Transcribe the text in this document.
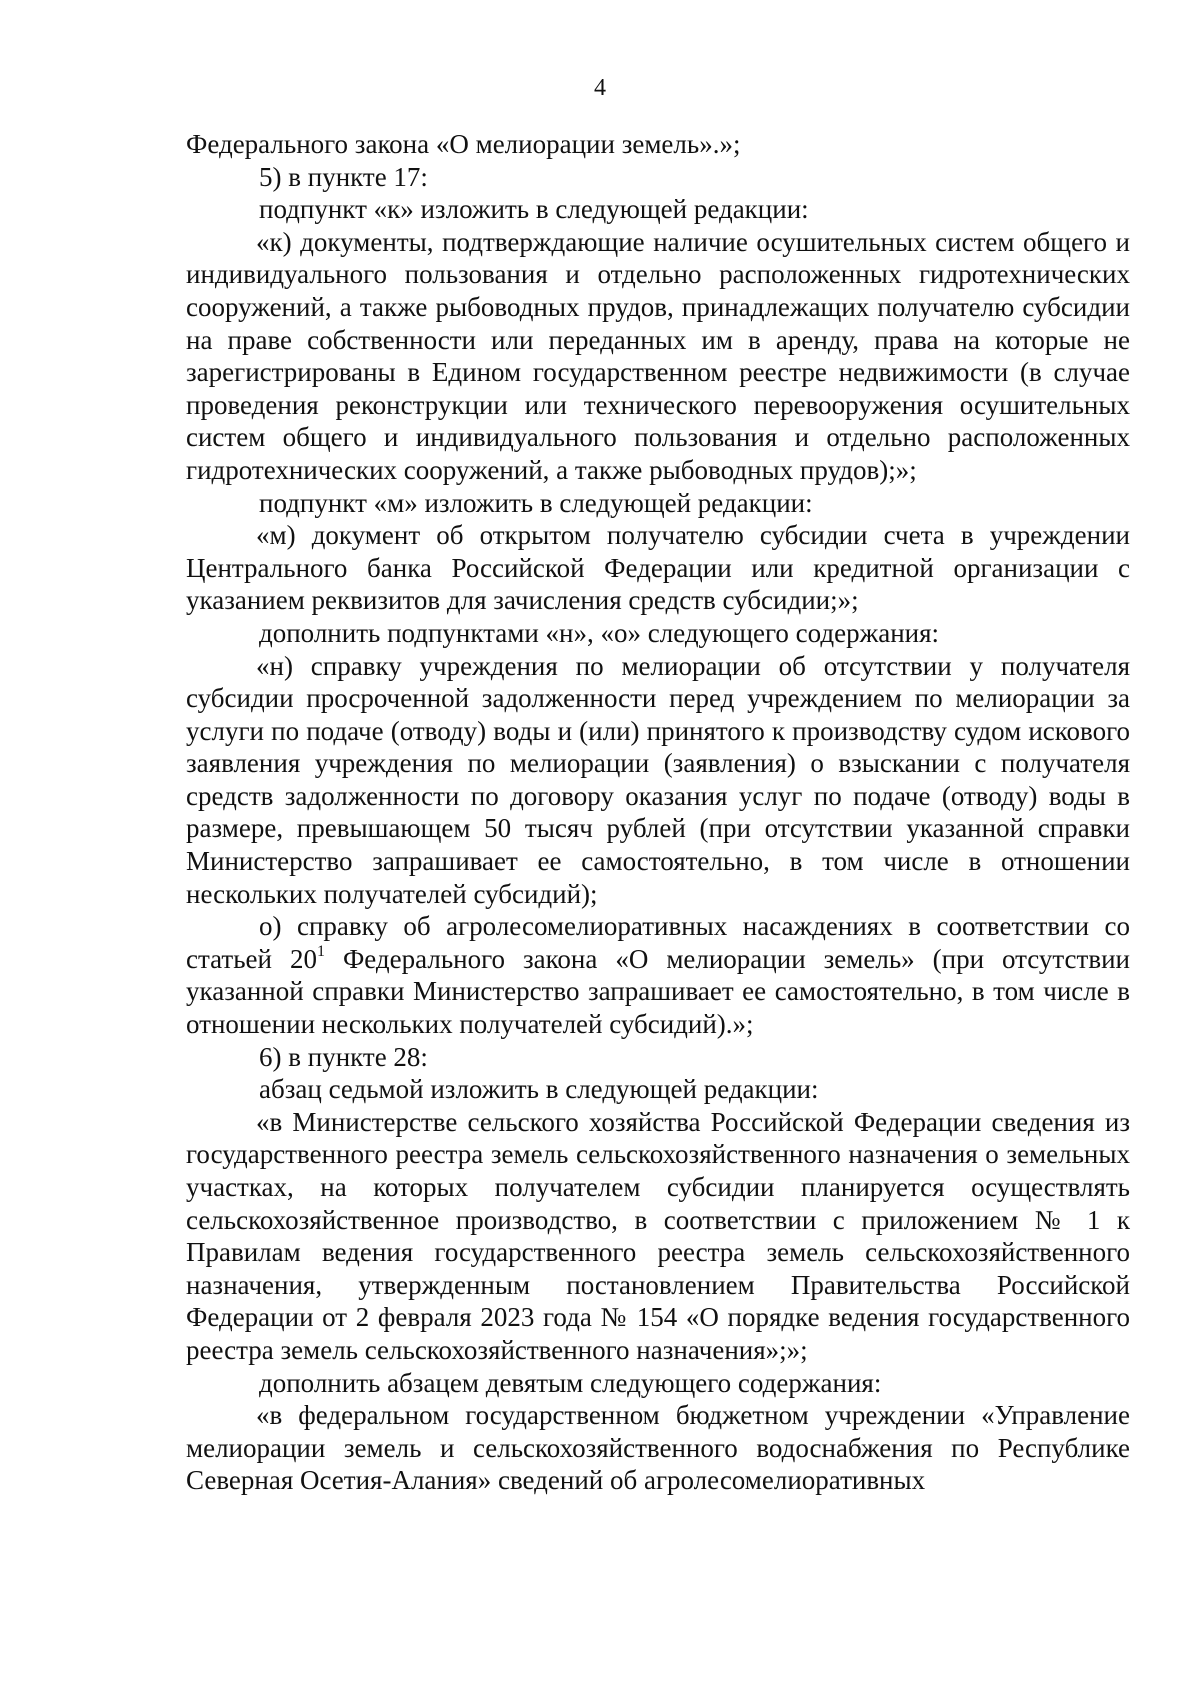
4

Федерального закона «О мелиорации земель».»;

5) в пункте 17:

подпункт «к» изложить в следующей редакции:

«к) документы, подтверждающие наличие осушительных систем общего и индивидуального пользования и отдельно расположенных гидротехнических сооружений, а также рыбоводных прудов, принадлежащих получателю субсидии на праве собственности или переданных им в аренду, права на которые не зарегистрированы в Едином государственном реестре недвижимости (в случае проведения реконструкции или технического перевооружения осушительных систем общего и индивидуального пользования и отдельно расположенных гидротехнических сооружений, а также рыбоводных прудов);»;

подпункт «м» изложить в следующей редакции:

«м) документ об открытом получателю субсидии счета в учреждении Центрального банка Российской Федерации или кредитной организации с указанием реквизитов для зачисления средств субсидии;»;

дополнить подпунктами «н», «о» следующего содержания:

«н) справку учреждения по мелиорации об отсутствии у получателя субсидии просроченной задолженности перед учреждением по мелиорации за услуги по подаче (отводу) воды и (или) принятого к производству судом искового заявления учреждения по мелиорации (заявления) о взыскании с получателя средств задолженности по договору оказания услуг по подаче (отводу) воды в размере, превышающем 50 тысяч рублей (при отсутствии указанной справки Министерство запрашивает ее самостоятельно, в том числе в отношении нескольких получателей субсидий);

о) справку об агролесомелиоративных насаждениях в соответствии со статьей $20^1$ Федерального закона «О мелиорации земель» (при отсутствии указанной справки Министерство запрашивает ее самостоятельно, в том числе в отношении нескольких получателей субсидий).»;

6) в пункте 28:

абзац седьмой изложить в следующей редакции:

«в Министерстве сельского хозяйства Российской Федерации сведения из государственного реестра земель сельскохозяйственного назначения о земельных участках, на которых получателем субсидии планируется осуществлять сельскохозяйственное производство, в соответствии с приложением № 1 к Правилам ведения государственного реестра земель сельскохозяйственного назначения, утвержденным постановлением Правительства Российской Федерации от 2 февраля 2023 года № 154 «О порядке ведения государственного реестра земель сельскохозяйственного назначения»;»;

дополнить абзацем девятым следующего содержания:

«в федеральном государственном бюджетном учреждении «Управление мелиорации земель и сельскохозяйственного водоснабжения по Республике Северная Осетия-Алания» сведений об агролесомелиоративных
